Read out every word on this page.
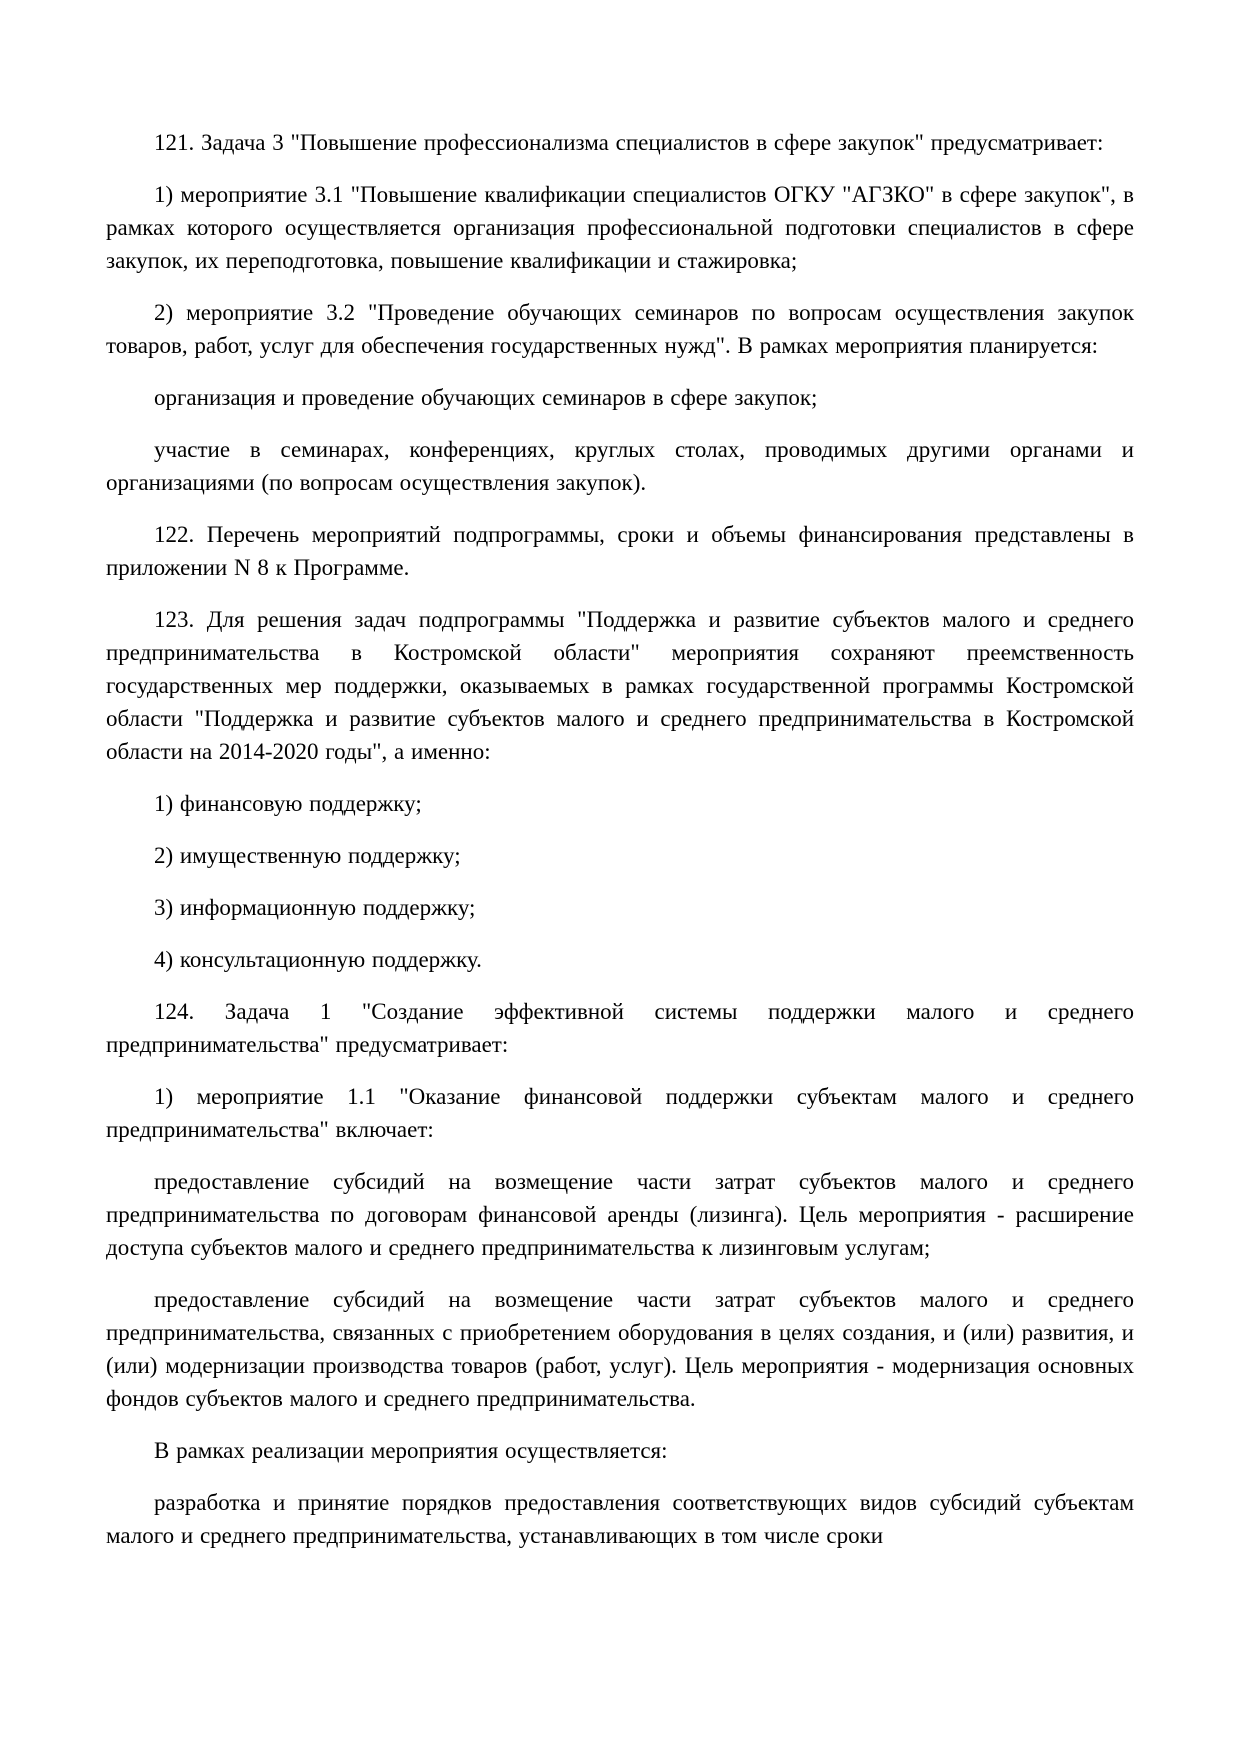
121. Задача 3 "Повышение профессионализма специалистов в сфере закупок" предусматривает:

1) мероприятие 3.1 "Повышение квалификации специалистов ОГКУ "АГЗКО" в сфере закупок", в рамках которого осуществляется организация профессиональной подготовки специалистов в сфере закупок, их переподготовка, повышение квалификации и стажировка;

2) мероприятие 3.2 "Проведение обучающих семинаров по вопросам осуществления закупок товаров, работ, услуг для обеспечения государственных нужд". В рамках мероприятия планируется:

организация и проведение обучающих семинаров в сфере закупок;

участие в семинарах, конференциях, круглых столах, проводимых другими органами и организациями (по вопросам осуществления закупок).

122. Перечень мероприятий подпрограммы, сроки и объемы финансирования представлены в приложении N 8 к Программе.

123. Для решения задач подпрограммы "Поддержка и развитие субъектов малого и среднего предпринимательства в Костромской области" мероприятия сохраняют преемственность государственных мер поддержки, оказываемых в рамках государственной программы Костромской области "Поддержка и развитие субъектов малого и среднего предпринимательства в Костромской области на 2014-2020 годы", а именно:

1) финансовую поддержку;

2) имущественную поддержку;

3) информационную поддержку;

4) консультационную поддержку.

124. Задача 1 "Создание эффективной системы поддержки малого и среднего предпринимательства" предусматривает:

1) мероприятие 1.1 "Оказание финансовой поддержки субъектам малого и среднего предпринимательства" включает:

предоставление субсидий на возмещение части затрат субъектов малого и среднего предпринимательства по договорам финансовой аренды (лизинга). Цель мероприятия - расширение доступа субъектов малого и среднего предпринимательства к лизинговым услугам;

предоставление субсидий на возмещение части затрат субъектов малого и среднего предпринимательства, связанных с приобретением оборудования в целях создания, и (или) развития, и (или) модернизации производства товаров (работ, услуг). Цель мероприятия - модернизация основных фондов субъектов малого и среднего предпринимательства.

В рамках реализации мероприятия осуществляется:

разработка и принятие порядков предоставления соответствующих видов субсидий субъектам малого и среднего предпринимательства, устанавливающих в том числе сроки
